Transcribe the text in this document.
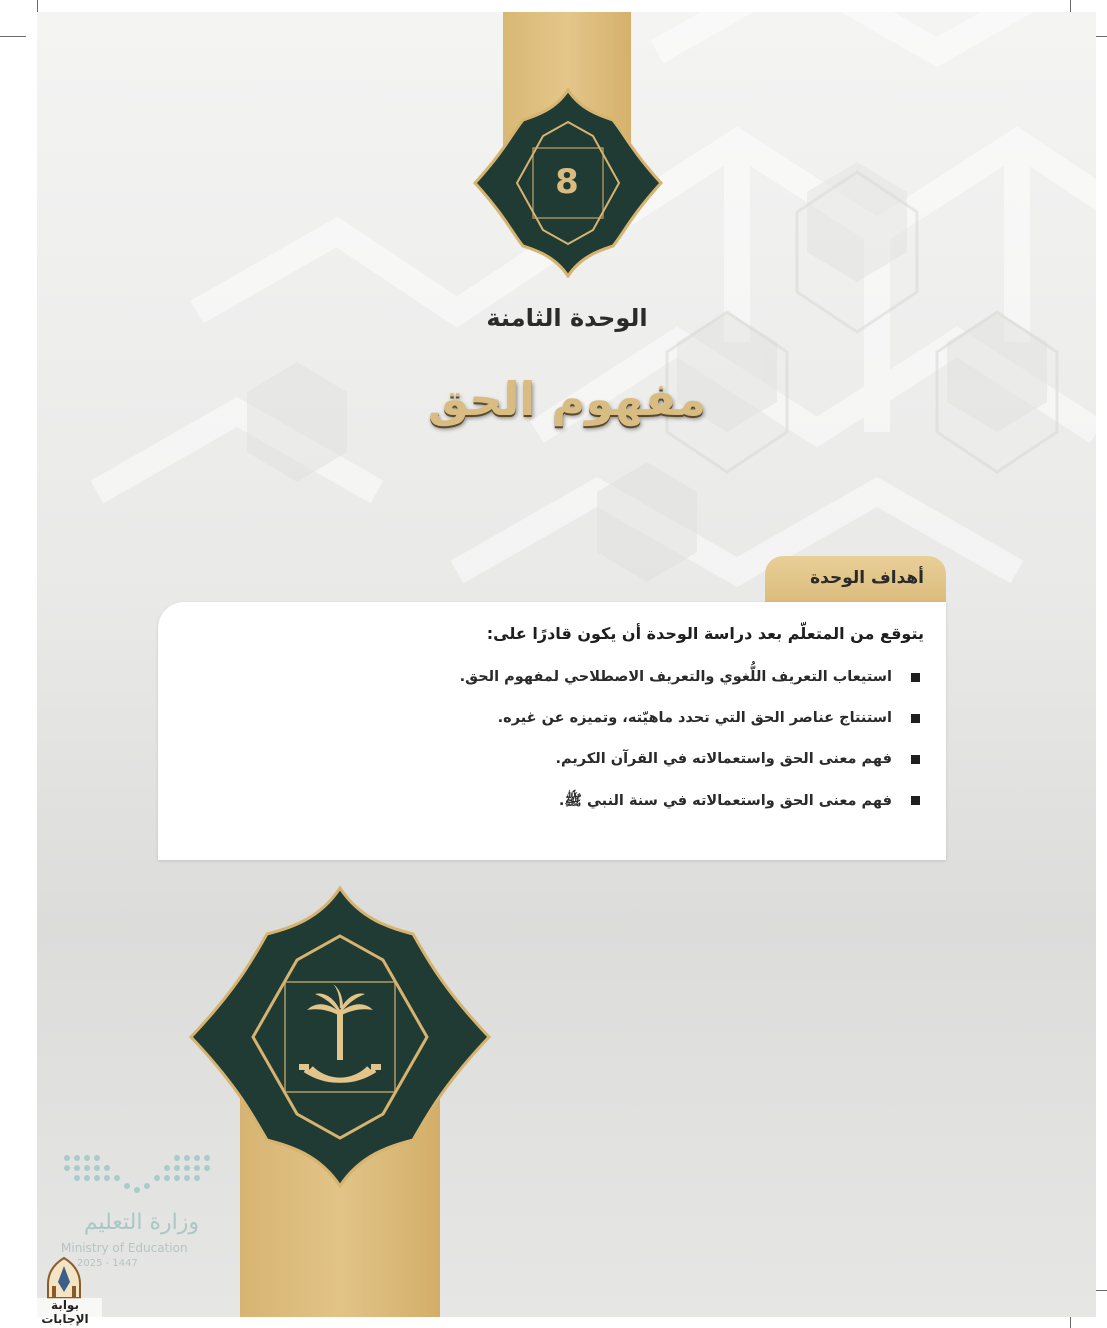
8
الوحدة الثامنة
مفهوم الحق
أهداف الوحدة

يتوقع من المتعلّم بعد دراسة الوحدة أن يكون قادرًا على:

استيعاب التعريف اللُّغوي والتعريف الاصطلاحي لمفهوم الحق.
استنتاج عناصر الحق التي تحدد ماهيّته، وتميزه عن غيره.
فهم معنى الحق واستعمالاته في القرآن الكريم.
فهم معنى الحق واستعمالاته في سنة النبي ﷺ.
وزارة التعليم
Ministry of Education
2025 - 1447
بوابة الإجابات
